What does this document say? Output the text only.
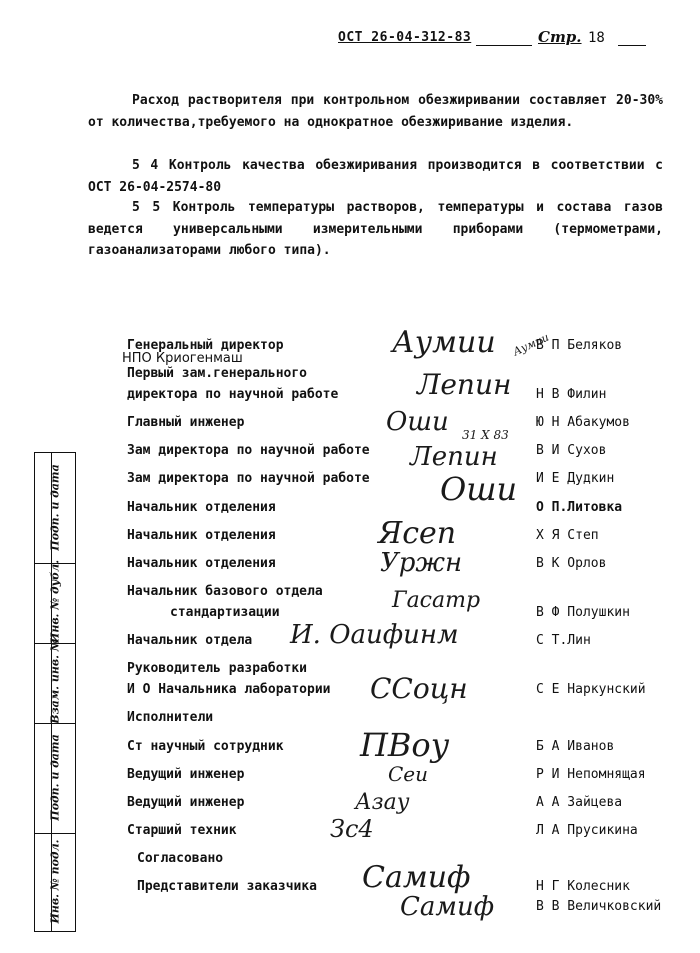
ОСТ 26-04-312-83	Стр. 18

Расход растворителя при контрольном обезжиривании составляет 20-30% от количества,требуемого на однократное обезжиривание изделия.

5 4 Контроль качества обезжиривания производится в соответствии с ОСТ 26-04-2574-80

5 5 Контроль температуры растворов, температуры и состава газов ведется универсальными измерительными приборами (термометрами, газоанализаторами любого типа).

Генеральный директор
НПО Криогенмаш
Первый зам.генерального
директора по научной работе
Главный инженер
Зам директора по научной работе
Зам директора по научной работе
Начальник отделения
Начальник отделения
Начальник отделения
Начальник базового отдела
стандартизации
Начальник отдела
Руководитель разработки
И О Начальника лаборатории
Исполнители
Ст научный сотрудник
Ведущий инженер
Ведущий инженер
Старший техник
Согласовано
Представители заказчика
В П Беляков
Н В Филин
Ю Н Абакумов
В И Сухов
И Е Дудкин
О П.Литовка
Х Я Степ
В К Орлов
В Ф Полушкин
С Т.Лин
С Е Наркунский
Б А Иванов
Р И Непомнящая
А А Зайцева
Л А Прусикина
Н Г Колесник
В В Величковский
Аумии Аумии
Лепин
Оши 31 Х 83
Лепин
Оши
Ясеп
Уржн
Гасатр
И. Оаифинм
ССоцн
ПВоу
Сеи
Азау
Зс4
Самиф
Самиф
Подп. и дата
Инв. № дубл.
Взам. инв. №
Подп. и дата
Инв. № подл.
